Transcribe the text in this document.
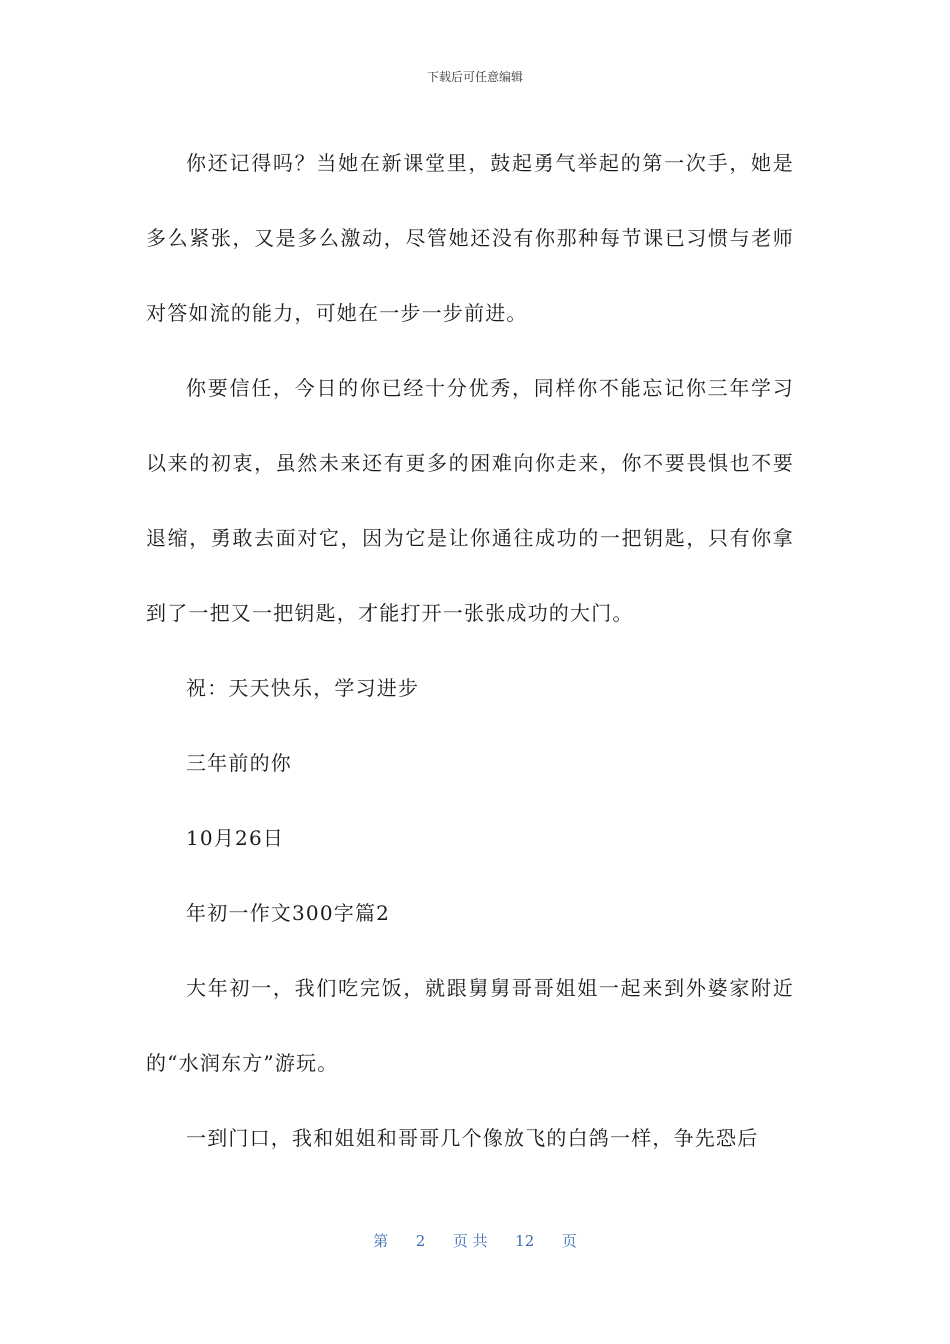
下载后可任意编辑

你还记得吗？当她在新课堂里，鼓起勇气举起的第一次手，她是多么紧张，又是多么激动，尽管她还没有你那种每节课已习惯与老师对答如流的能力，可她在一步一步前进。

你要信任，今日的你已经十分优秀，同样你不能忘记你三年学习以来的初衷，虽然未来还有更多的困难向你走来，你不要畏惧也不要退缩，勇敢去面对它，因为它是让你通往成功的一把钥匙，只有你拿到了一把又一把钥匙，才能打开一张张成功的大门。

祝：天天快乐，学习进步

三年前的你

10月26日

年初一作文300字篇2

大年初一，我们吃完饭，就跟舅舅哥哥姐姐一起来到外婆家附近的“水润东方”游玩。

一到门口，我和姐姐和哥哥几个像放飞的白鸽一样，争先恐后

第 2 页 共 12 页
